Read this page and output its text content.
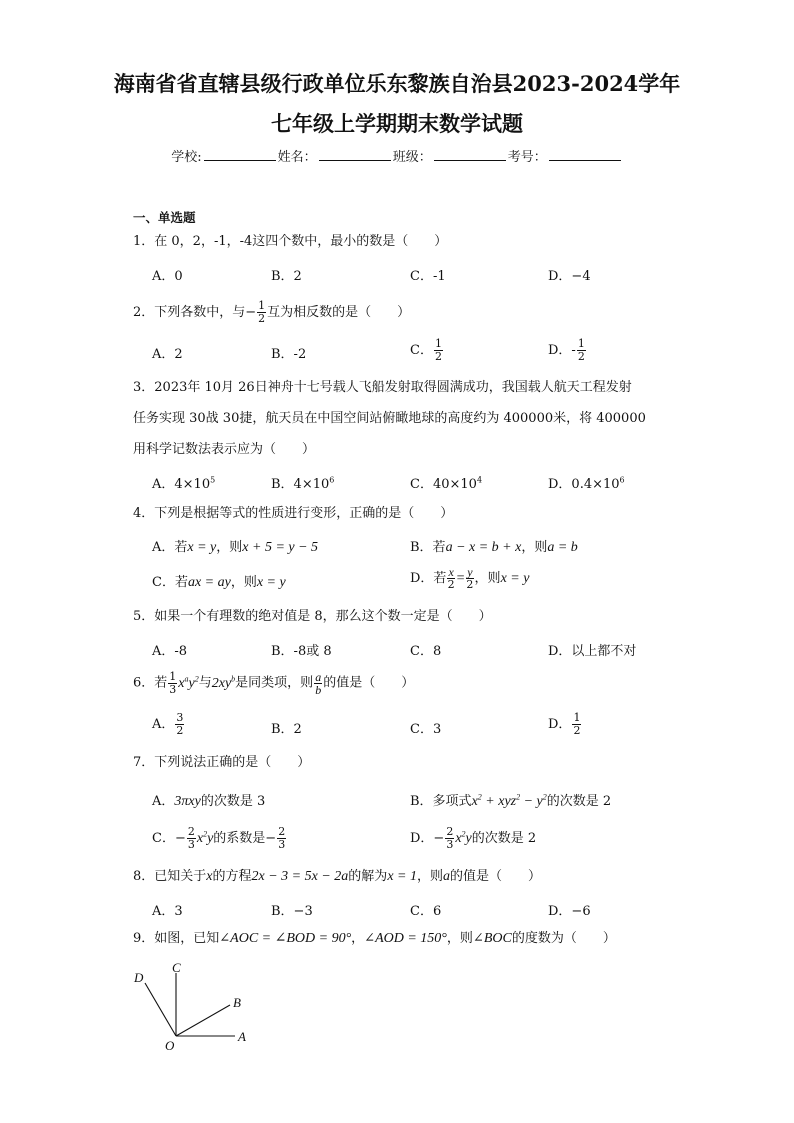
海南省省直辖县级行政单位乐东黎族自治县2023-2024学年
七年级上学期期末数学试题
学校:	姓名：	班级：	考号：
一、单选题
1．在 0，2，-1，-4这四个数中，最小的数是（　　）
A．0	B．2	C．-1	D．−4
2．下列各数中，与− $\frac{1}{2}$ 互为相反数的是（　　）
A．2	B．-2	C． $\frac{1}{2}$	D．- $\frac{1}{2}$
3．2023年 10月 26日神舟十七号载人飞船发射取得圆满成功，我国载人航天工程发射
任务实现 30战 30捷，航天员在中国空间站俯瞰地球的高度约为 400000米，将 400000
用科学记数法表示应为（　　）
A．$4\times 10^5$	B．$4\times 10^6$	C．$40\times 10^4$	D．$0.4\times 10^6$
4．下列是根据等式的性质进行变形，正确的是（　　）
A．若x = y，则x + 5 = y − 5	B．若a − x = b + x，则a = b
C．若ax = ay，则x = y	D．若 $\frac{x}{2} = \frac{y}{2}$ ，则x = y
5．如果一个有理数的绝对值是 8，那么这个数一定是（　　）
A．-8	B．-8或 8	C．8	D．以上都不对
6．若 $\frac{1}{3} x^ay^2$与$2xy^b$是同类项，则 $\frac{a}{b}$ 的值是（　　）
A． $\frac{3}{2}$	B．2	C．3	D． $\frac{1}{2}$
7．下列说法正确的是（　　）
A．3πxy的次数是 3	B．多项式$x^2 + xyz^2 - y^2$的次数是 2
C．− $\frac{2}{3} x^2y$的系数是− $\frac{2}{3}$	D．− $\frac{2}{3} x^2y$的次数是 2
8．已知关于x的方程2x − 3 = 5x − 2a的解为x = 1，则a的值是（　　）
A．3	B．−3	C．6	D．−6
9．如图，已知∠AOC = ∠BOD = 90°，∠AOD = 150°，则∠BOC的度数为（　　）
D
C
B
O
A
